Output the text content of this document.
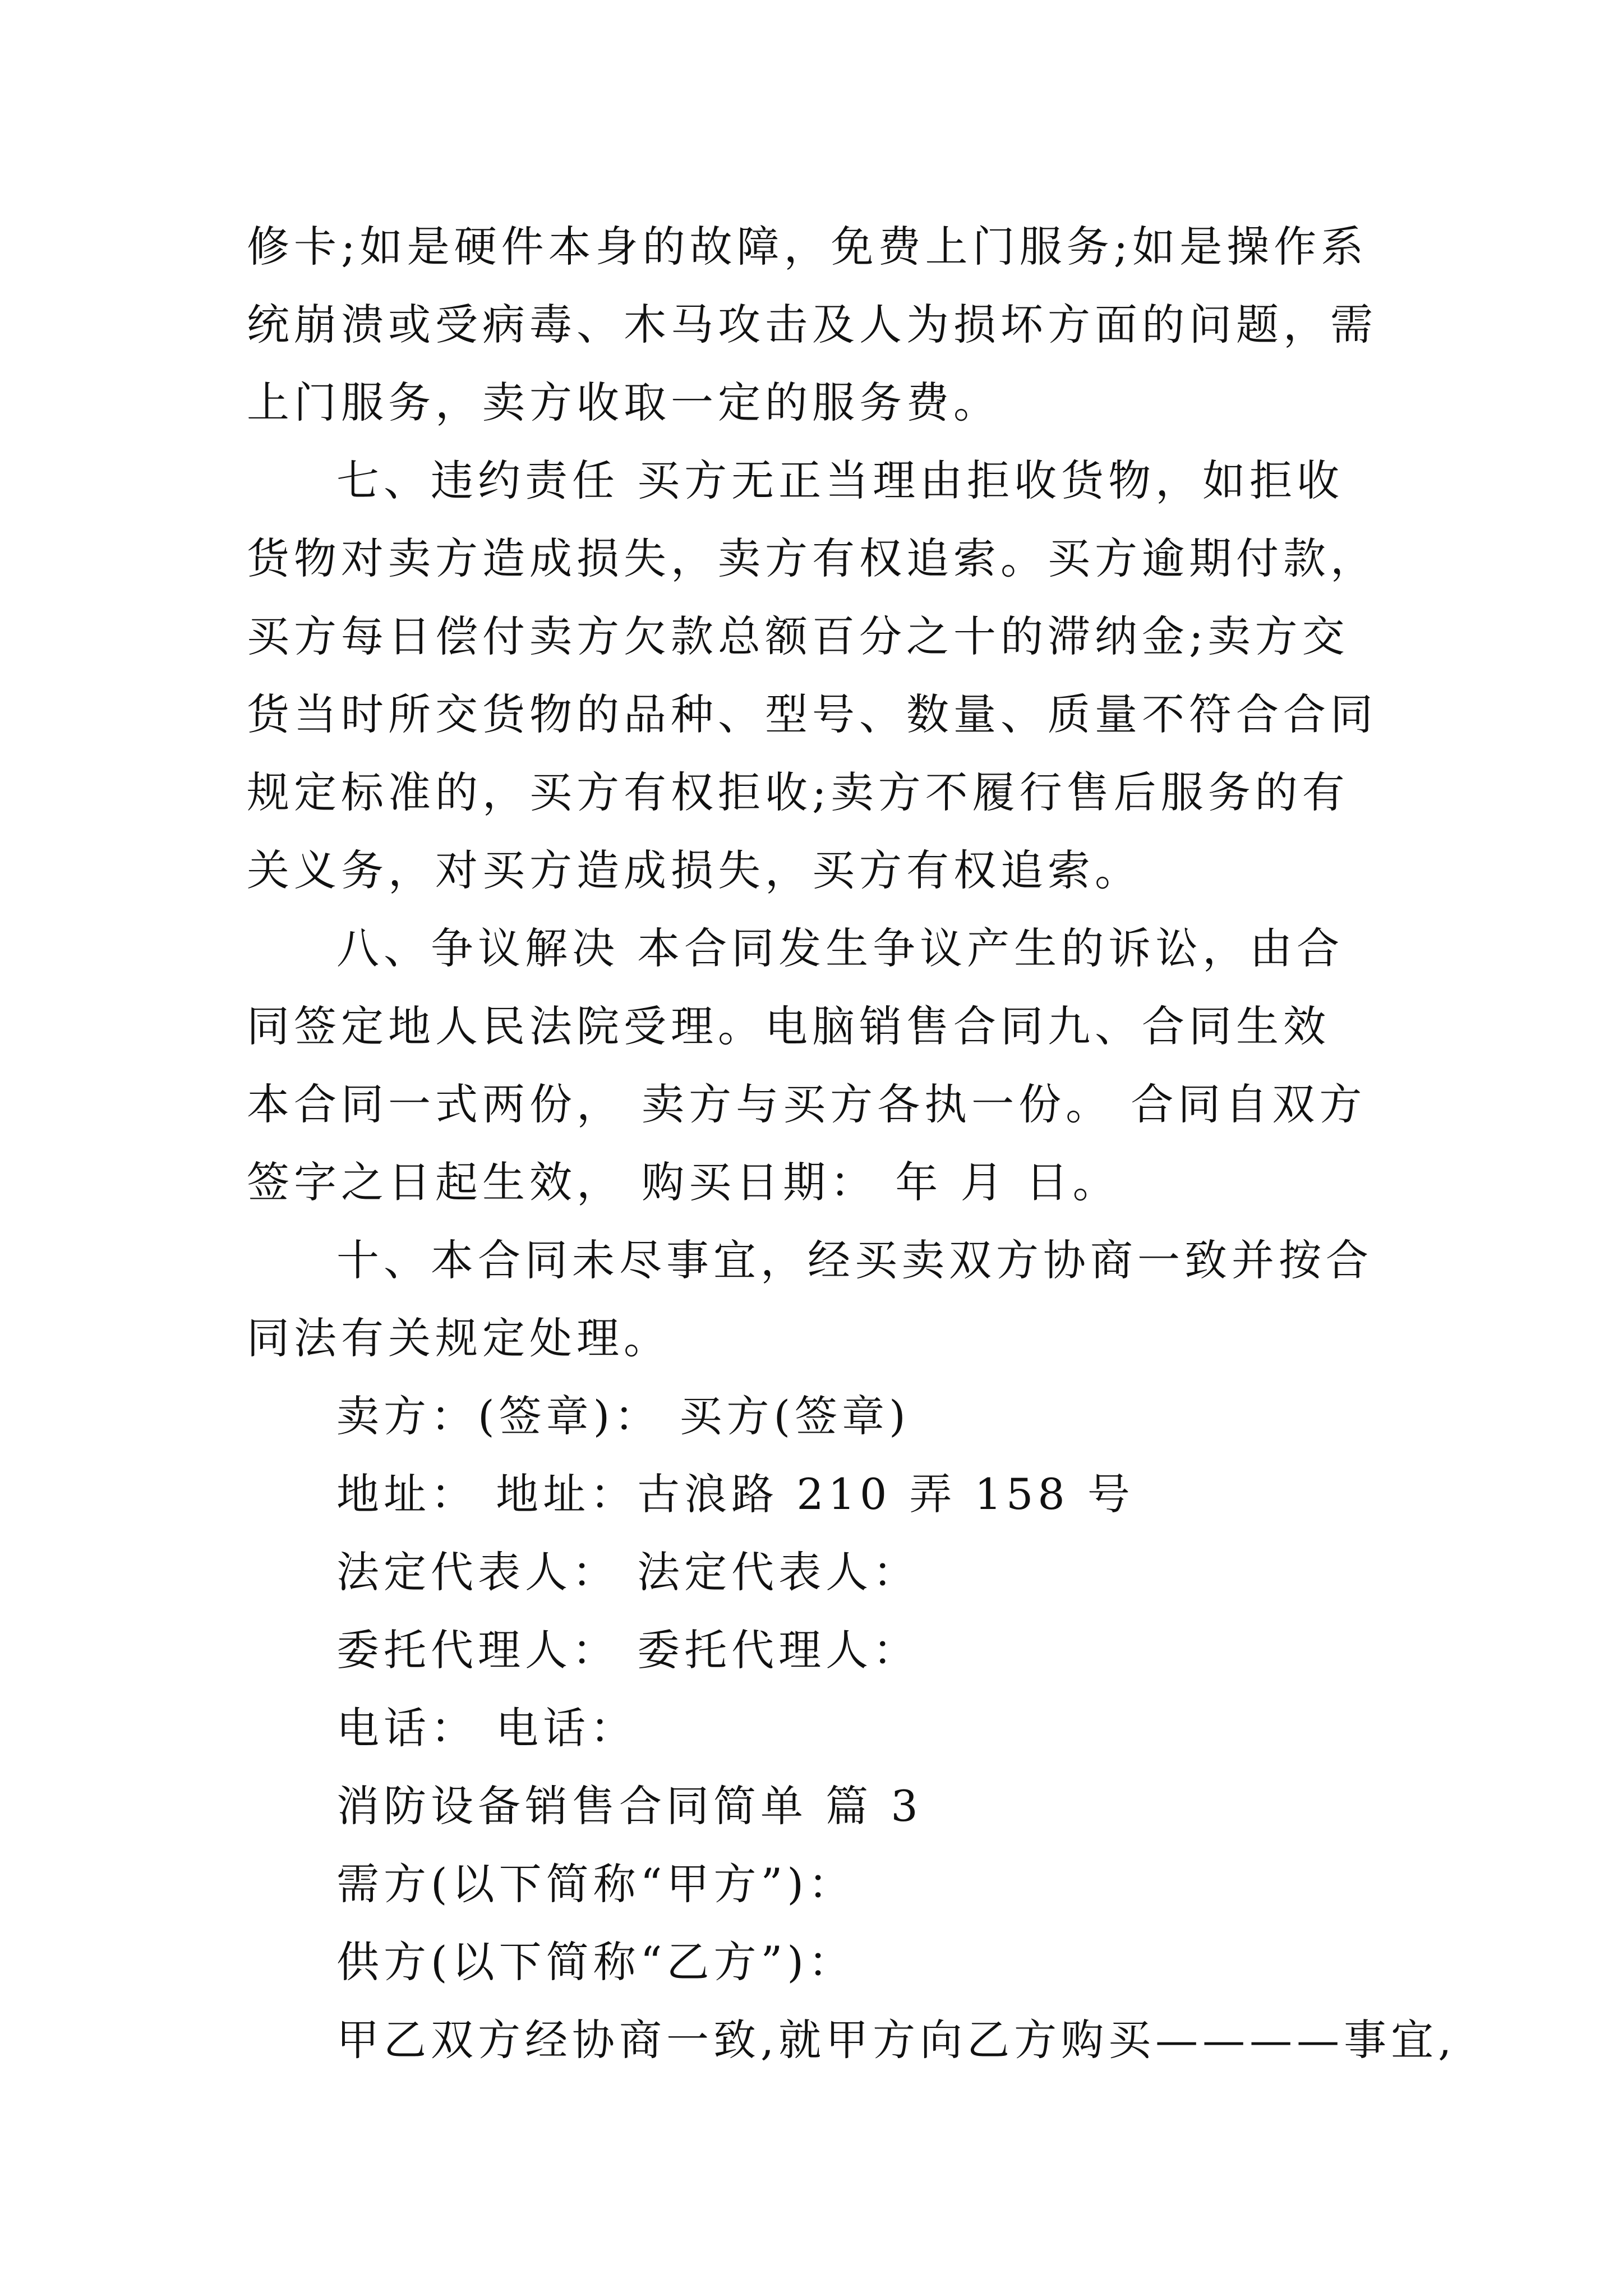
修卡;如是硬件本身的故障，免费上门服务;如是操作系统崩溃或受病毒、木马攻击及人为损坏方面的问题，需上门服务，卖方收取一定的服务费。

七、违约责任 买方无正当理由拒收货物，如拒收货物对卖方造成损失，卖方有权追索。买方逾期付款，买方每日偿付卖方欠款总额百分之十的滞纳金;卖方交货当时所交货物的品种、型号、数量、质量不符合合同规定标准的，买方有权拒收;卖方不履行售后服务的有关义务，对买方造成损失，买方有权追索。

八、争议解决 本合同发生争议产生的诉讼，由合同签定地人民法院受理。电脑销售合同九、合同生效 本合同一式两份， 卖方与买方各执一份。 合同自双方签字之日起生效， 购买日期： 年 月 日。

十、本合同未尽事宜，经买卖双方协商一致并按合同法有关规定处理。

卖方：(签章)： 买方(签章)
地址： 地址：古浪路 210 弄 158 号
法定代表人： 法定代表人：
委托代理人： 委托代理人：
电话： 电话：
消防设备销售合同简单 篇 3
需方(以下简称“甲方”)：
供方(以下简称“乙方”)：
甲乙双方经协商一致,就甲方向乙方购买————事宜,
